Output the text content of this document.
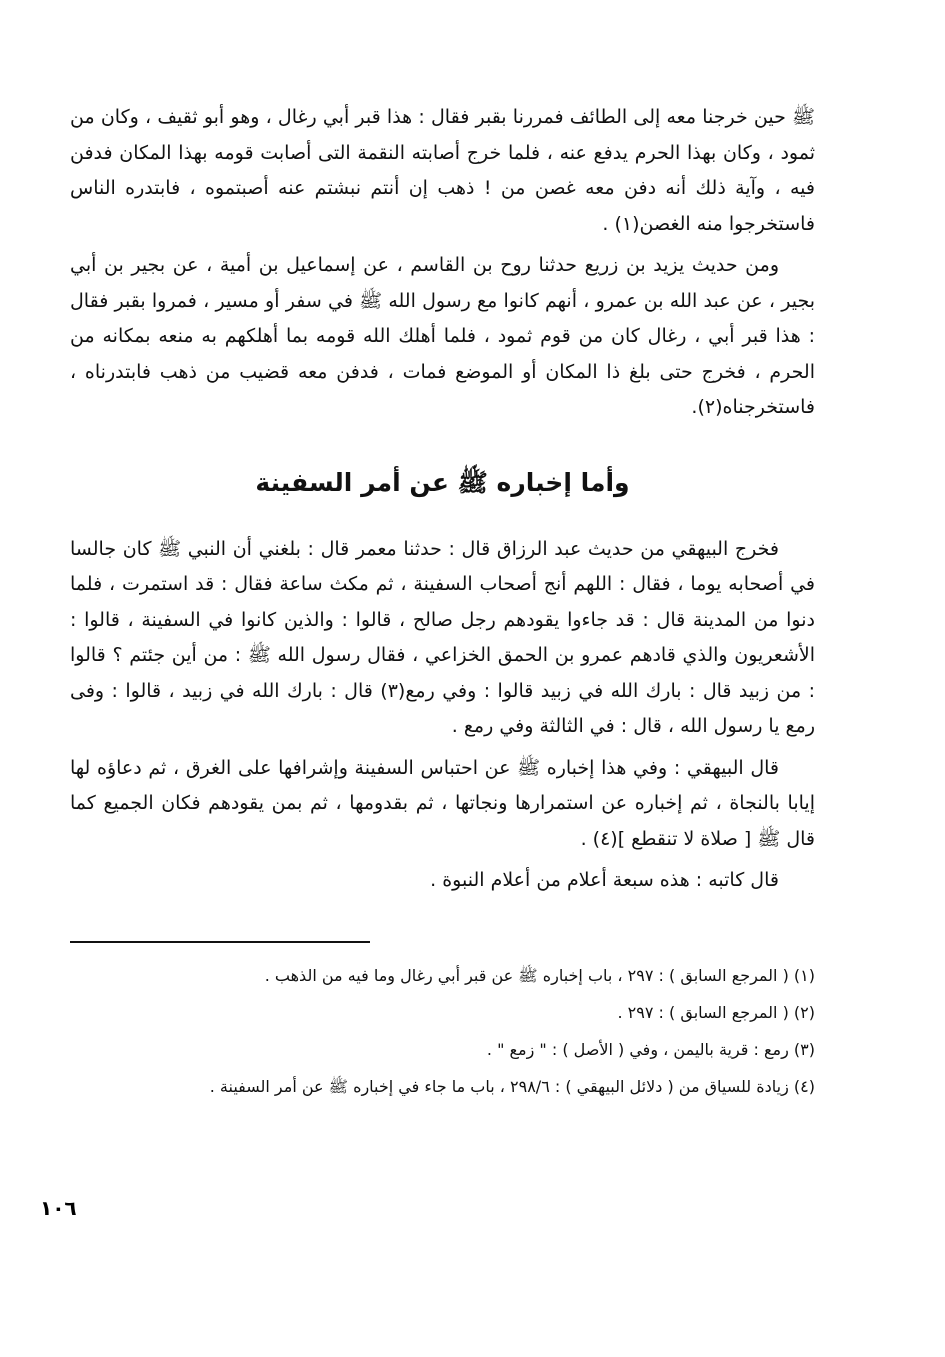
ﷺ حين خرجنا معه إلى الطائف فمررنا بقبر فقال : هذا قبر أبي رغال ، وهو أبو ثقيف ، وكان من ثمود ، وكان بهذا الحرم يدفع عنه ، فلما خرج أصابته النقمة التى أصابت قومه بهذا المكان فدفن فيه ، وآية ذلك أنه دفن معه غصن من ! ذهب إن أنتم نبشتم عنه أصبتموه ، فابتدره الناس فاستخرجوا منه الغصن(١) .

ومن حديث يزيد بن زريع حدثنا روح بن القاسم ، عن إسماعيل بن أمية ، عن بجير بن أبي بجير ، عن عبد الله بن عمرو ، أنهم كانوا مع رسول الله ﷺ في سفر أو مسير ، فمروا بقبر فقال : هذا قبر أبي ، رغال كان من قوم ثمود ، فلما أهلك الله قومه بما أهلكهم به منعه بمكانه من الحرم ، فخرج حتى بلغ ذا المكان أو الموضع فمات ، فدفن معه قضيب من ذهب فابتدرناه ، فاستخرجناه(٢).

وأما إخباره ﷺ عن أمر السفينة

فخرج البيهقي من حديث عبد الرزاق قال : حدثنا معمر قال : بلغني أن النبي ﷺ كان جالسا في أصحابه يوما ، فقال : اللهم أنج أصحاب السفينة ، ثم مكث ساعة فقال : قد استمرت ، فلما دنوا من المدينة قال : قد جاءوا يقودهم رجل صالح ، قالوا : والذين كانوا في السفينة ، قالوا : الأشعريون والذي قادهم عمرو بن الحمق الخزاعي ، فقال رسول الله ﷺ : من أين جئتم ؟ قالوا : من زبيد قال : بارك الله في زبيد قالوا : وفي رمع(٣) قال : بارك الله في زبيد ، قالوا : وفى رمع يا رسول الله ، قال : في الثالثة وفي رمع .

قال البيهقي : وفي هذا إخباره ﷺ عن احتباس السفينة وإشرافها على الغرق ، ثم دعاؤه لها إيابا بالنجاة ، ثم إخباره عن استمرارها ونجاتها ، ثم بقدومها ، ثم بمن يقودهم فكان الجميع كما قال ﷺ [ صلاة لا تنقطع ](٤) .

قال كاتبه : هذه سبعة أعلام من أعلام النبوة .

(١) ( المرجع السابق ) : ٢٩٧ ، باب إخباره ﷺ عن قبر أبي رغال وما فيه من الذهب .

(٢) ( المرجع السابق ) : ٢٩٧ .

(٣) رمع : قرية باليمن ، وفي ( الأصل ) : " زمع " .

(٤) زيادة للسياق من ( دلائل البيهقي ) : ٢٩٨/٦ ، باب ما جاء في إخباره ﷺ عن أمر السفينة .

١٠٦
